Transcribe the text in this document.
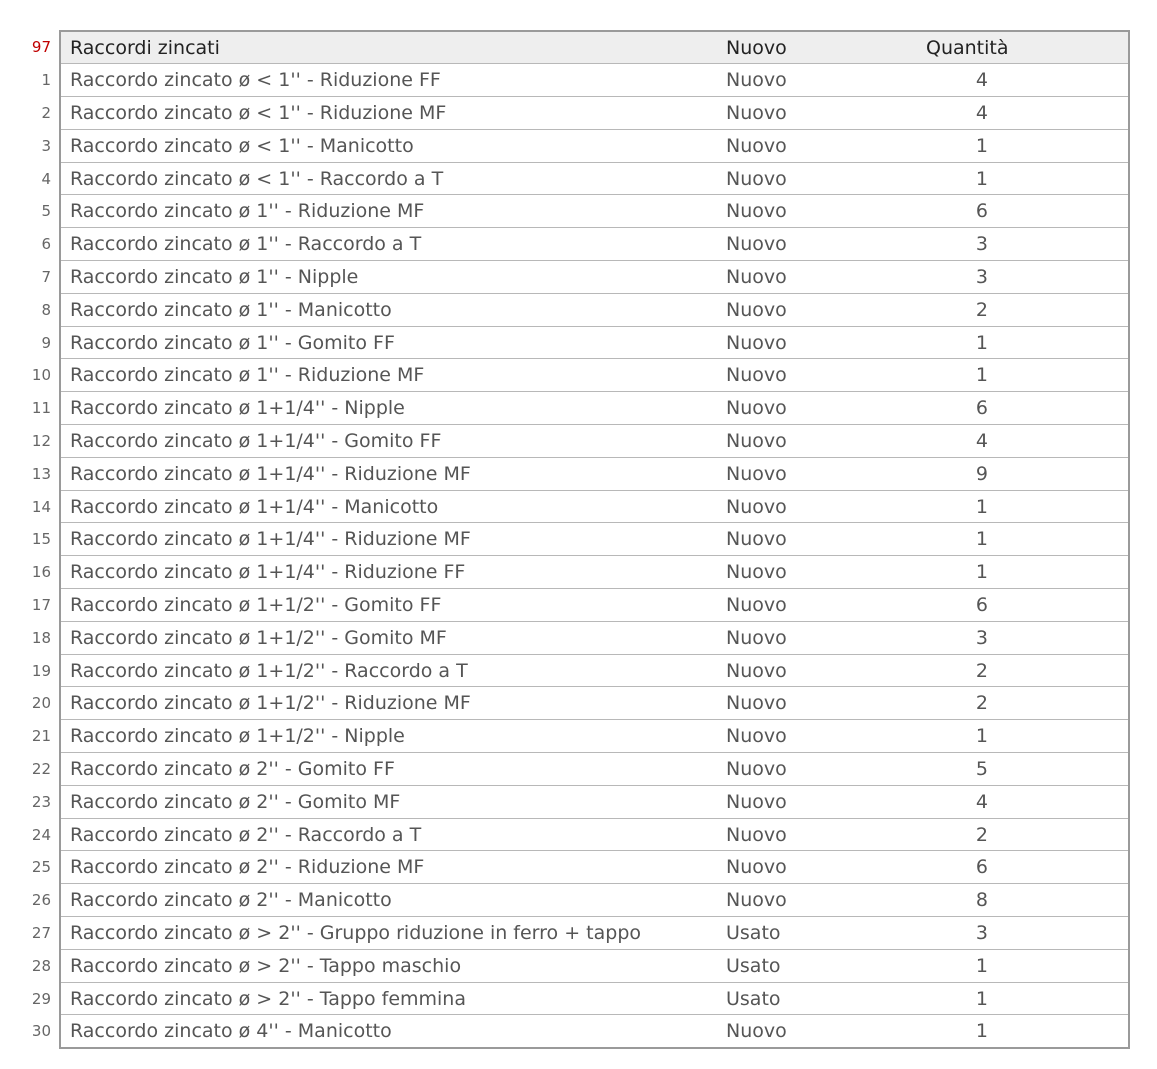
97	Raccordi zincati	Nuovo	Quantità
1	Raccordo zincato ø < 1'' - Riduzione FF	Nuovo	4
2	Raccordo zincato ø < 1'' - Riduzione MF	Nuovo	4
3	Raccordo zincato ø < 1'' - Manicotto	Nuovo	1
4	Raccordo zincato ø < 1'' - Raccordo a T	Nuovo	1
5	Raccordo zincato ø 1'' - Riduzione MF	Nuovo	6
6	Raccordo zincato ø 1'' - Raccordo a T	Nuovo	3
7	Raccordo zincato ø 1'' - Nipple	Nuovo	3
8	Raccordo zincato ø 1'' - Manicotto	Nuovo	2
9	Raccordo zincato ø 1'' - Gomito FF	Nuovo	1
10	Raccordo zincato ø 1'' - Riduzione MF	Nuovo	1
11	Raccordo zincato ø 1+1/4'' - Nipple	Nuovo	6
12	Raccordo zincato ø 1+1/4'' - Gomito FF	Nuovo	4
13	Raccordo zincato ø 1+1/4'' - Riduzione MF	Nuovo	9
14	Raccordo zincato ø 1+1/4'' - Manicotto	Nuovo	1
15	Raccordo zincato ø 1+1/4'' - Riduzione MF	Nuovo	1
16	Raccordo zincato ø 1+1/4'' - Riduzione FF	Nuovo	1
17	Raccordo zincato ø 1+1/2'' - Gomito FF	Nuovo	6
18	Raccordo zincato ø 1+1/2'' - Gomito MF	Nuovo	3
19	Raccordo zincato ø 1+1/2'' - Raccordo a T	Nuovo	2
20	Raccordo zincato ø 1+1/2'' - Riduzione MF	Nuovo	2
21	Raccordo zincato ø 1+1/2'' - Nipple	Nuovo	1
22	Raccordo zincato ø 2'' - Gomito FF	Nuovo	5
23	Raccordo zincato ø 2'' - Gomito MF	Nuovo	4
24	Raccordo zincato ø 2'' - Raccordo a T	Nuovo	2
25	Raccordo zincato ø 2'' - Riduzione MF	Nuovo	6
26	Raccordo zincato ø 2'' - Manicotto	Nuovo	8
27	Raccordo zincato ø > 2'' - Gruppo riduzione in ferro + tappo	Usato	3
28	Raccordo zincato ø > 2'' - Tappo maschio	Usato	1
29	Raccordo zincato ø > 2'' - Tappo femmina	Usato	1
30	Raccordo zincato ø 4'' - Manicotto	Nuovo	1
